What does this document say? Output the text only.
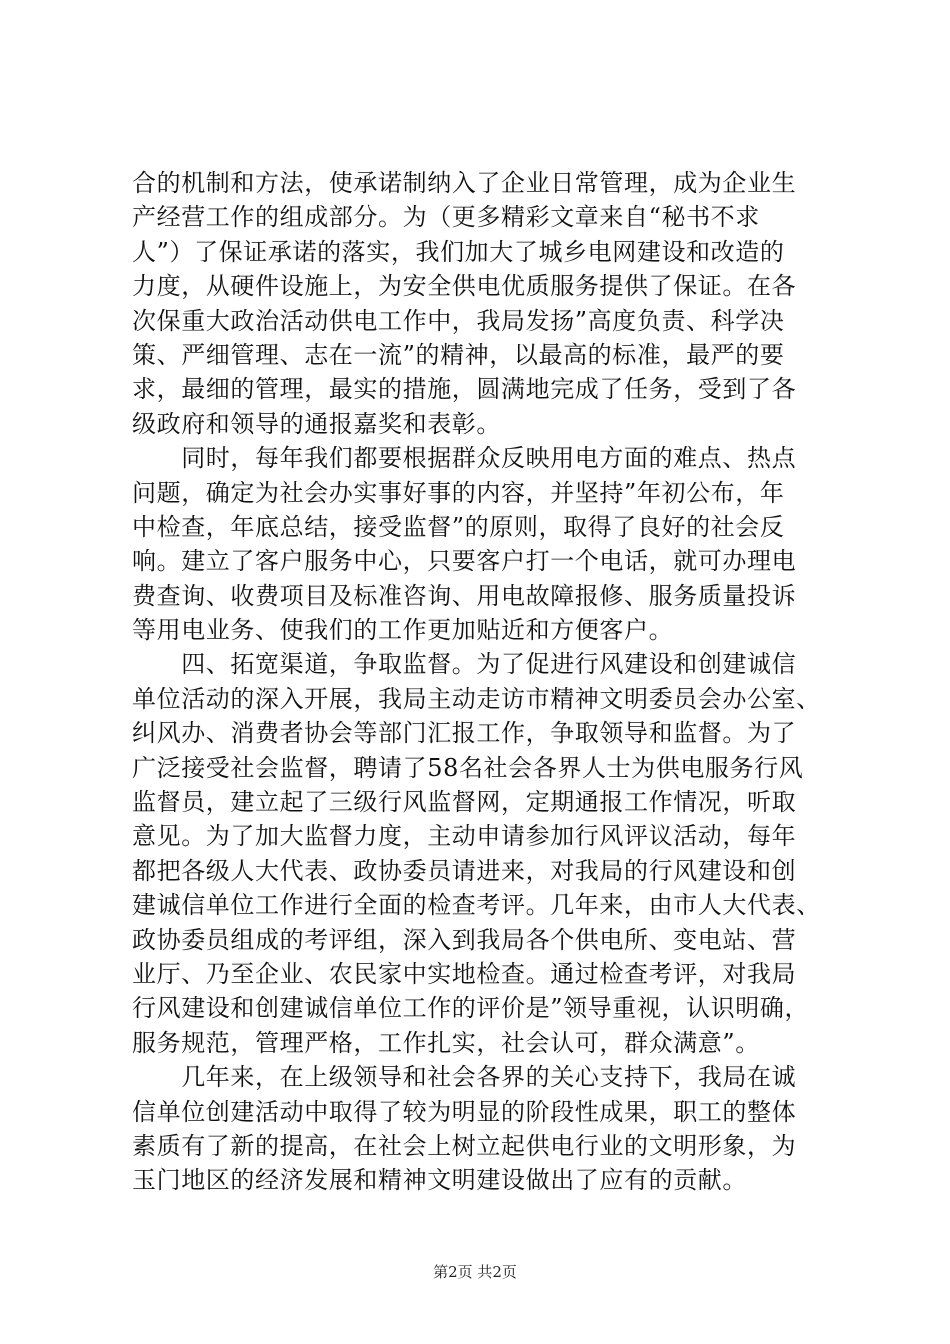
合的机制和方法，使承诺制纳入了企业日常管理，成为企业生
产经营工作的组成部分。为（更多精彩文章来自“秘书不求
人”）了保证承诺的落实，我们加大了城乡电网建设和改造的
力度，从硬件设施上，为安全供电优质服务提供了保证。在各
次保重大政治活动供电工作中，我局发扬”高度负责、科学决
策、严细管理、志在一流”的精神，以最高的标准，最严的要
求，最细的管理，最实的措施，圆满地完成了任务，受到了各
级政府和领导的通报嘉奖和表彰。
　　同时，每年我们都要根据群众反映用电方面的难点、热点
问题，确定为社会办实事好事的内容，并坚持”年初公布，年
中检查，年底总结，接受监督”的原则，取得了良好的社会反
响。建立了客户服务中心，只要客户打一个电话，就可办理电
费查询、收费项目及标准咨询、用电故障报修、服务质量投诉
等用电业务、使我们的工作更加贴近和方便客户。
　　四、拓宽渠道，争取监督。为了促进行风建设和创建诚信
单位活动的深入开展，我局主动走访市精神文明委员会办公室、
纠风办、消费者协会等部门汇报工作，争取领导和监督。为了
广泛接受社会监督，聘请了58名社会各界人士为供电服务行风
监督员，建立起了三级行风监督网，定期通报工作情况，听取
意见。为了加大监督力度，主动申请参加行风评议活动，每年
都把各级人大代表、政协委员请进来，对我局的行风建设和创
建诚信单位工作进行全面的检查考评。几年来，由市人大代表、
政协委员组成的考评组，深入到我局各个供电所、变电站、营
业厅、乃至企业、农民家中实地检查。通过检查考评，对我局
行风建设和创建诚信单位工作的评价是”领导重视，认识明确，
服务规范，管理严格，工作扎实，社会认可，群众满意”。
　　几年来，在上级领导和社会各界的关心支持下，我局在诚
信单位创建活动中取得了较为明显的阶段性成果，职工的整体
素质有了新的提高，在社会上树立起供电行业的文明形象，为
玉门地区的经济发展和精神文明建设做出了应有的贡献。
第2页 共2页
